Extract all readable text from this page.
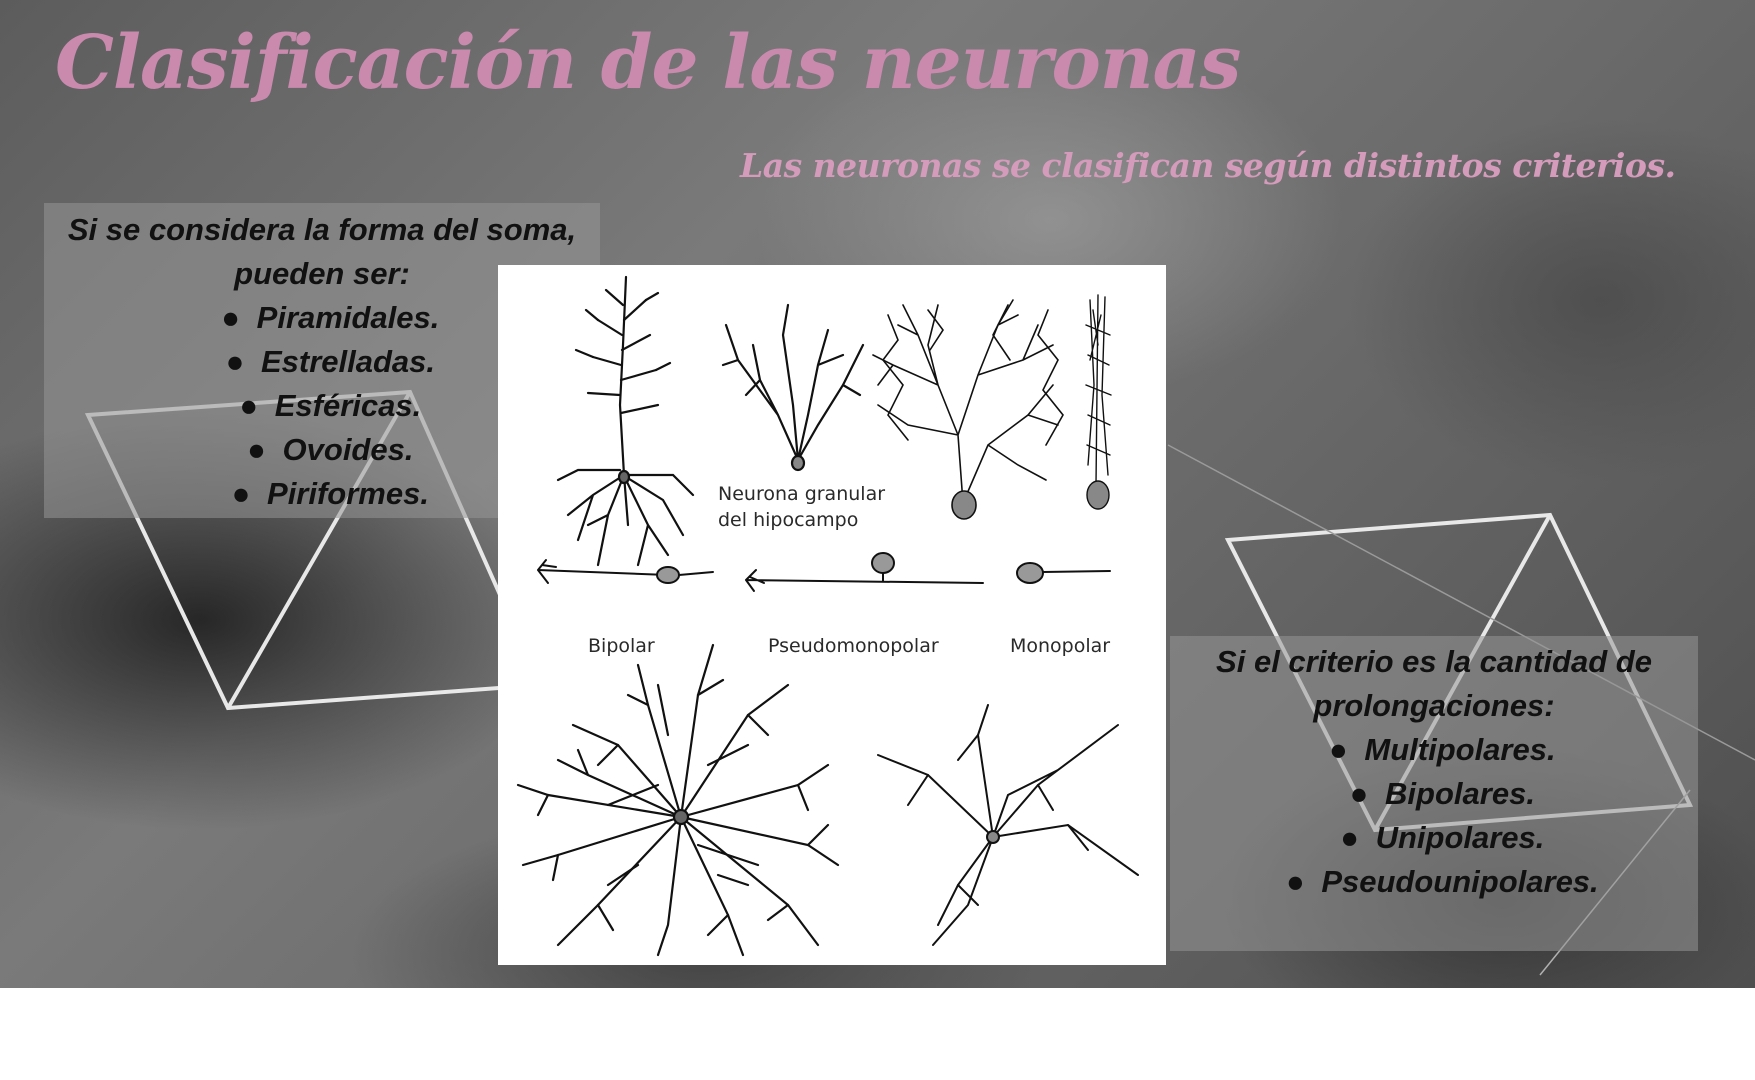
Clasificación de las neuronas
Las neuronas se clasifican según distintos criterios.
Neurona granular
del hipocampo
Bipolar	Pseudomonopolar	Monopolar
Si se considera la forma del soma,
pueden ser:
● Piramidales.
● Estrelladas.
● Esféricas.
● Ovoides.
● Piriformes.
Si el criterio es la cantidad de
prolongaciones:
● Multipolares.
● Bipolares.
● Unipolares.
● Pseudounipolares.
